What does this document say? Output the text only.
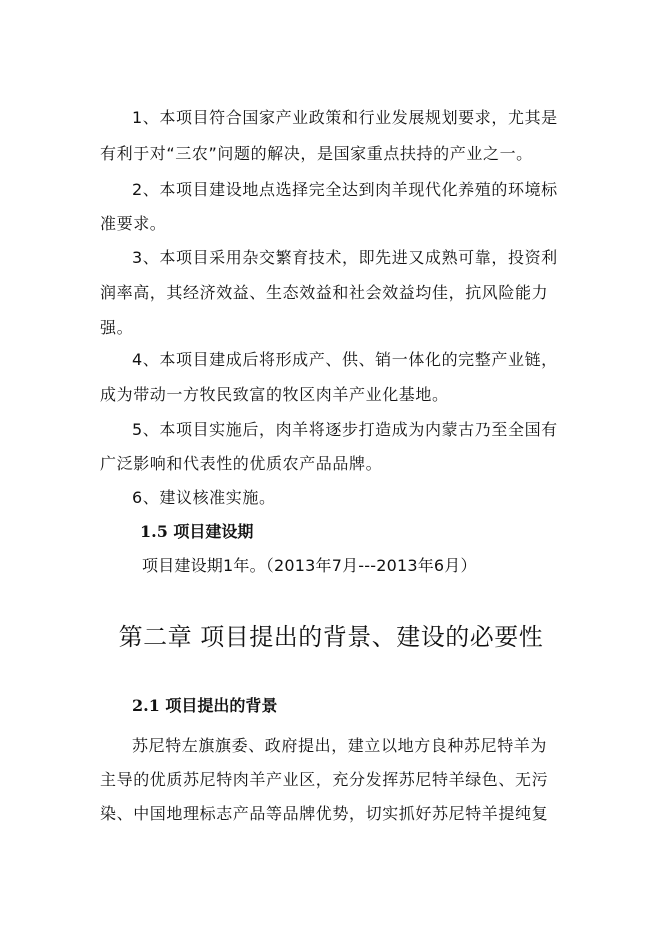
1、本项目符合国家产业政策和行业发展规划要求，尤其是
有利于对“三农”问题的解决，是国家重点扶持的产业之一。
2、本项目建设地点选择完全达到肉羊现代化养殖的环境标
准要求。
3、本项目采用杂交繁育技术，即先进又成熟可靠，投资利
润率高，其经济效益、生态效益和社会效益均佳，抗风险能力
强。
4、本项目建成后将形成产、供、销一体化的完整产业链，
成为带动一方牧民致富的牧区肉羊产业化基地。
5、本项目实施后，肉羊将逐步打造成为内蒙古乃至全国有
广泛影响和代表性的优质农产品品牌。
6、建议核准实施。
1.5 项目建设期
项目建设期1年。（2013年7月---2013年6月）
第二章 项目提出的背景、建设的必要性
2.1 项目提出的背景
苏尼特左旗旗委、政府提出，建立以地方良种苏尼特羊为
主导的优质苏尼特肉羊产业区，充分发挥苏尼特羊绿色、无污
染、中国地理标志产品等品牌优势，切实抓好苏尼特羊提纯复
